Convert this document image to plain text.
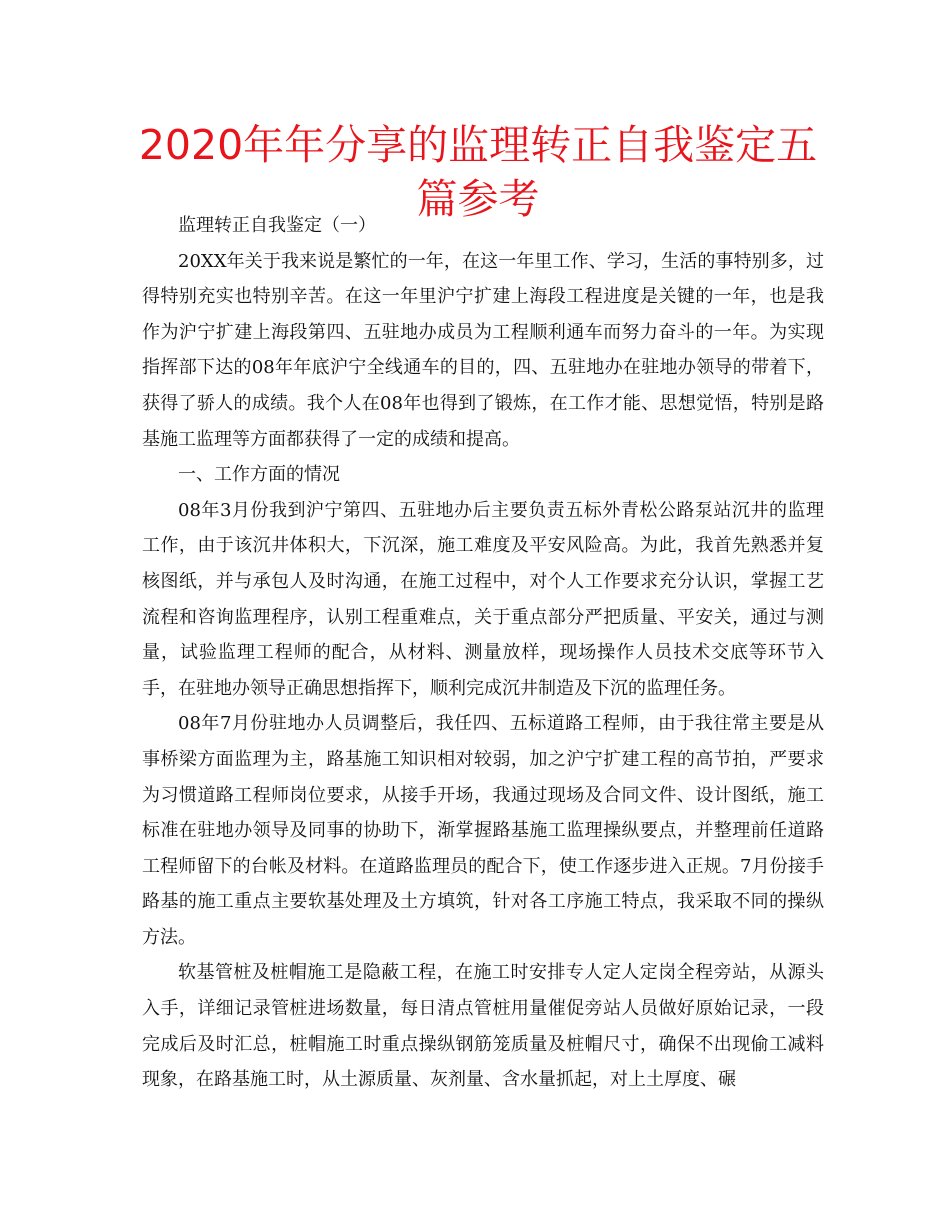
2020年年分享的监理转正自我鉴定五篇参考

监理转正自我鉴定（一）

20XX年关于我来说是繁忙的一年，在这一年里工作、学习，生活的事特别多，过得特别充实也特别辛苦。在这一年里沪宁扩建上海段工程进度是关键的一年，也是我作为沪宁扩建上海段第四、五驻地办成员为工程顺利通车而努力奋斗的一年。为实现指挥部下达的08年年底沪宁全线通车的目的，四、五驻地办在驻地办领导的带着下，获得了骄人的成绩。我个人在08年也得到了锻炼，在工作才能、思想觉悟，特别是路基施工监理等方面都获得了一定的成绩和提高。

一、工作方面的情况

08年3月份我到沪宁第四、五驻地办后主要负责五标外青松公路泵站沉井的监理工作，由于该沉井体积大，下沉深，施工难度及平安风险高。为此，我首先熟悉并复核图纸，并与承包人及时沟通，在施工过程中，对个人工作要求充分认识，掌握工艺流程和咨询监理程序，认别工程重难点，关于重点部分严把质量、平安关，通过与测量，试验监理工程师的配合，从材料、测量放样，现场操作人员技术交底等环节入手，在驻地办领导正确思想指挥下，顺利完成沉井制造及下沉的监理任务。

08年7月份驻地办人员调整后，我任四、五标道路工程师，由于我往常主要是从事桥梁方面监理为主，路基施工知识相对较弱，加之沪宁扩建工程的高节拍，严要求为习惯道路工程师岗位要求，从接手开场，我通过现场及合同文件、设计图纸，施工标准在驻地办领导及同事的协助下，渐掌握路基施工监理操纵要点，并整理前任道路工程师留下的台帐及材料。在道路监理员的配合下，使工作逐步进入正规。7月份接手路基的施工重点主要软基处理及土方填筑，针对各工序施工特点，我采取不同的操纵方法。

软基管桩及桩帽施工是隐蔽工程，在施工时安排专人定人定岗全程旁站，从源头入手，详细记录管桩进场数量，每日清点管桩用量催促旁站人员做好原始记录，一段完成后及时汇总，桩帽施工时重点操纵钢筋笼质量及桩帽尺寸，确保不出现偷工减料现象，在路基施工时，从土源质量、灰剂量、含水量抓起，对上土厚度、碾
